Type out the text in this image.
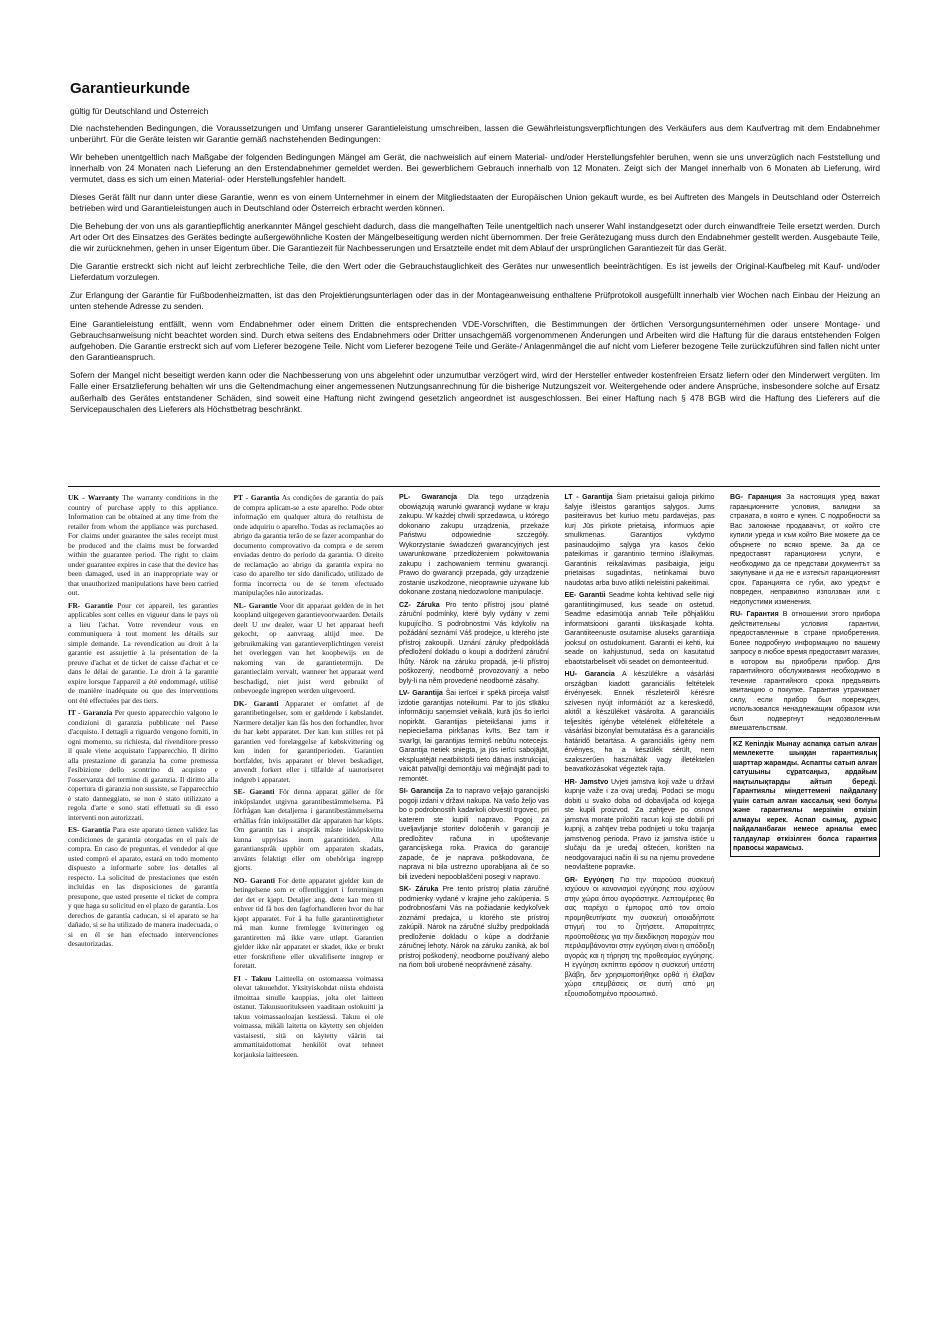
Garantieurkunde
gültig für Deutschland und Österreich

Die nachstehenden Bedingungen, die Voraussetzungen und Umfang unserer Garantieleistung umschreiben, lassen die Gewährleistungsverpflichtungen des Verkäufers aus dem Kaufvertrag mit dem Endabnehmer unberührt. Für die Geräte leisten wir Garantie gemäß nachstehenden Bedingungen:

Wir beheben unentgeltlich nach Maßgabe der folgenden Bedingungen Mängel am Gerät, die nachweislich auf einem Material- und/oder Herstellungsfehler beruhen, wenn sie uns unverzüglich nach Feststellung und innerhalb von 24 Monaten nach Lieferung an den Erstendabnehmer gemeldet werden. Bei gewerblichem Gebrauch innerhalb von 12 Monaten. Zeigt sich der Mangel innerhalb von 6 Monaten ab Lieferung, wird vermutet, dass es sich um einen Material- oder Herstellungsfehler handelt.

Dieses Gerät fällt nur dann unter diese Garantie, wenn es von einem Unternehmer in einem der Mitgliedstaaten der Europäischen Union gekauft wurde, es bei Auftreten des Mangels in Deutschland oder Österreich betrieben wird und Garantieleistungen auch in Deutschland oder Österreich erbracht werden können.

Die Behebung der von uns als garantiepflichtig anerkannter Mängel geschieht dadurch, dass die mangelhaften Teile unentgeltlich nach unserer Wahl instandgesetzt oder durch einwandfreie Teile ersetzt werden. Durch Art oder Ort des Einsatzes des Gerätes bedingte außergewöhnliche Kosten der Mängelbeseitigung werden nicht übernommen. Der freie Gerätezugang muss durch den Endabnehmer gestellt werden. Ausgebaute Teile, die wir zurücknehmen, gehen in unser Eigentum über. Die Garantiezeit für Nachbesserungen und Ersatzteile endet mit dem Ablauf der ursprünglichen Garantiezeit für das Gerät.

Die Garantie erstreckt sich nicht auf leicht zerbrechliche Teile, die den Wert oder die Gebrauchstauglichkeit des Gerätes nur unwesentlich beeinträchtigen. Es ist jeweils der Original-Kaufbeleg mit Kauf- und/oder Lieferdatum vorzulegen.

Zur Erlangung der Garantie für Fußbodenheizmatten, ist das den Projektierungsunterlagen oder das in der Montageanweisung enthaltene Prüfprotokoll ausgefüllt innerhalb vier Wochen nach Einbau der Heizung an unten stehende Adresse zu senden.

Eine Garantieleistung entfällt, wenn vom Endabnehmer oder einem Dritten die entsprechenden VDE-Vorschriften, die Bestimmungen der örtlichen Versorgungsunternehmen oder unsere Montage- und Gebrauchsanweisung nicht beachtet worden sind. Durch etwa seitens des Endabnehmers oder Dritter unsachgemäß vorgenommenen Änderungen und Arbeiten wird die Haftung für die daraus entstehenden Folgen aufgehoben. Die Garantie erstreckt sich auf vom Lieferer bezogene Teile. Nicht vom Lieferer bezogene Teile und Geräte-/ Anlagenmängel die auf nicht vom Lieferer bezogene Teile zurückzuführen sind fallen nicht unter den Garantieanspruch.

Sofern der Mangel nicht beseitigt werden kann oder die Nachbesserung von uns abgelehnt oder unzumutbar verzögert wird, wird der Hersteller entweder kostenfreien Ersatz liefern oder den Minderwert vergüten. Im Falle einer Ersatzlieferung behalten wir uns die Geltendmachung einer angemessenen Nutzungsanrechnung für die bisherige Nutzungszeit vor. Weitergehende oder andere Ansprüche, insbesondere solche auf Ersatz außerhalb des Gerätes entstandener Schäden, sind soweit eine Haftung nicht zwingend gesetzlich angeordnet ist ausgeschlossen. Bei einer Haftung nach § 478 BGB wird die Haftung des Lieferers auf die Servicepauschalen des Lieferers als Höchstbetrag beschränkt.

UK - Warranty The warranty conditions in the country of purchase apply to this appliance. Information can be obtained at any time from the retailer from whom the appliance was purchased. For claims under guarantee the sales receipt must be produced and the claims must be forwarded within the guarantee period. The right to claim under guarantee expires in case that the device has been damaged, used in an inappropriate way or that unauthorized manipulations have been carried out.

FR- Garantie Pour cet appareil, les garanties applicables sont celles en vigueur dans le pays où a lieu l'achat. Votre revendeur vous en communiquera à tout moment les détails sur simple demande. La revendication au droit à la garantie est assujettie à la présentation de la preuve d'achat et de ticket de caisse d'achat et ce dans le délai de garantie. Le droit à la garantie expire lorsque l'appareil a été endommagé, utilisé de manière inadéquate ou que des interventions ont été effectuées par des tiers.

IT - Garanzia Per questo apparecchio valgono le condizioni di garanzia pubblicate nel Paese d'acquisto. I dettagli a riguardo vengono forniti, in ogni momento, su richiesta, dal rivenditore presso il quale viene acquistato l'apparecchio. Il diritto alla prestazione di garanzia ha come premessa l'esibizione dello scontrino di acquisto e l'osservanza del termine di garanzia. Il diritto alla copertura di garanzia non sussiste, se l'apparecchio è stato danneggiato, se non è stato utilizzato a regola d'arte e sono stati effettuati su di esso interventi non autorizzati.

ES- Garantía Para este aparato tienen validez las condiciones de garantía otorgadas en el país de compra. En caso de preguntas, el vendedor al que usted compró el aparato, estará en todo momento dispuesto a informarle sobre los detalles al respecto. La solicitud de prestaciones que estén incluidas en las disposiciones de garantía presupone, que usted presente el ticket de compra y que haga su solicitud en el plazo de garantía. Los derechos de garantía caducan, si el aparato se ha dañado, si se ha utilizado de manera inadecuada, o si en él se han efectuado intervenciones desautorizadas.

PT - Garantia As condições de garantia do país de compra aplicam-se a este aparelho. Pode obter informação em qualquer altura do retalhista de onde adquiriu o aparelho. Todas as reclamações ao abrigo da garantia terão de se fazer acompanhar do documento comprovativo da compra e de serem enviadas dentro do período da garantia. O direito de reclamação ao abrigo da garantia expira no caso do aparelho ter sido danificado, utilizado de forma incorrecta ou de se terem efectuado manipulações não autorizadas.

NL- Garantie Voor dit apparaat gelden de in het koopland uitgegeven garantievoorwaarden. Details deelt U uw dealer, waar U het apparaat heeft gekocht, op aanvraag altijd mee. De gebruikmaking van garantieverplichtingen vereist het overleggen van het koopbewijs en de nakoming van de garantietermijn. De garantieclaim vervalt, wanneer het apparaat werd beschadigd, niet juist werd gebruikt of onbevoegde ingrepen werden uitgevoerd.

DK- Garanti Apparatet er omfattet af de garantibetingelser, som er gældende i købslandet. Nærmere detaljer kan fås hos den forhandler, hvor du har købt apparatet. Der kan kun stilles ret på garantien ved forelæggelse af købskvittering og kun inden for garantiperioden. Garantien bortfalder, hvis apparatet er blevet beskadiget, anvendt forkert eller i tilfælde af uautoriseret indgreb i apparatet.

SE- Garanti För denna apparat gäller de för inköpslandet utgivna garantibestämmelserna. På förfrågan kan detaljerna i garantibestämmelserna erhållas från inköpsstället där apparaten har köpts. Om garantin tas i anspråk måste inköpskvitto kunna uppvisas inom garantitiden. Alla garantianspråk upphör om apparaten skadats, använts felaktigt eller om obehöriga ingrepp gjorts.

NO- Garanti For dette apparatet gjelder kun de betingelsene som er offentliggjort i forretningen der det er kjøpt. Detaljer ang. dette kan men til enhver tid få hos den fagforhandleren hvor du har kjøpt apparatet. For å ha fulle garantirettigheter må man kunne fremlegge kvitteringen og garantiretten må ikke være utløpt. Garantien gjelder ikke når apparatet er skadet, ikke er brukt etter forskriftene eller ukvalifiserte inngrep er foretatt.

FI - Takuu Laitteella on ostomaassa voimassa olevat takuuehdot. Yksityiskohdat niista ehdoista ilmoittaa sinulle kauppias, jolta olet laitteen ostanut. Takuusuoritukseen vaaditaan ostokuitti ja takuu voimassaoloajan kestäessä. Takuu ei ole voimassa, mikäli laitetta on käytetty sen ohjeiden vastaisesti, sitä on käytetty väärin tai ammattitaidottomat henkilöt ovat tehneet korjauksia laitteeseen.

PL- Gwarancja Dla tego urządzenia obowiązują warunki gwarancji wydane w kraju zakupu. W każdej chwili sprzedawca, u którego dokonano zakupu urządzenia, przekaże Państwu odpowiednie szczegóły. Wykorzystanie świadczeń gwarancyjnych jest uwarunkowane przedłożeniem pokwitowania zakupu i zachowaniem terminu gwarancji. Prawo do gwarancji przepada, gdy urządzenie zostanie uszkodzone, nieoprawnie używane lub dokonane zostaną niedozwolone manipulacje.

CZ- Záruka Pro tento přístroj jsou platné záruční podmínky, které byly vydány v zemi kupujícího. S podrobnostmi Vás kdykoliv na požádání seznámí Váš prodejce, u kterého jste přístroj zakoupili. Uznání záruky předpokládá předložení dokladu o koupi a dodržení záruční lhůty. Nárok na záruku propadá, je-li přístroj poškozený, neodborně provozovaný a nebo byly-li na něm provedené neodborné zásahy.

LV- Garantija Šai ierīcei ir spēkā pirceja valstī izdotie garantijas noteikumi. Par to jūs sīkāku informāciju saņemsiet veikalā, kurā jūs šo ierīci nopirkāt. Garantijas pieteikšanai jums ir nepieciešama pirkšanas kvīts. Bez tam ir svarīgi, lai garantijas termiņš nebūtu notecejis. Garantija netiek sniegta, ja jūs ierīci sabojājāt, ekspluatējāt neatbilstoši tieto dānas instrukcijai, vaicāt patvaļīgi demontāju vai mēģinājāt padi to remontēt.

SI- Garancija Za to napravo veljajo garancijski pogoji izdani v državi nakupa. Na vašo željo vas bo o podrobnostih kadarkoli obvestil trgovec, pri katerem ste kupili napravo. Pogoj za uveljavljanje storitev določenih v garanciji je predložitev računa in upoštevanje garancijskega roka. Pravica do garancije zapade, če je naprava poškodovana, če naprava ni bila ustrezno uporabljana ali če so bili izvedeni nepooblaščeni posegi v napravo.

SK- Záruka Pre tento prístroj platia záručné podmienky vydané v krajine jeho zakúpenia. S podrobnosťami Vás na požiadanie kedykoľvek zoznámi predajca, u ktorého ste prístroj zakúpili. Nárok na záručné služby predpokladá predloženie dokladu o kúpe a dodržanie záručnej lehoty. Nárok na záruku zaniká, ak bol prístroj poškodený, neodborne používaný alebo na ňom boli urobené neoprávnené zásahy.

LT - Garantija Šiam prietaisui galioja pirkimo šalyje išleistos garantijos sąlygos. Jums pasiteiravus bet kuriuo metu pardavėjas, pas kurį Jūs pirkote prietaisą, informuos apie smulkmenas. Garantijos vykdymo pasinaudojimo sąlyga yra kasos čekio pateikimas ir garantinio termino išlaikymas. Garantinis reikalavimas pasibaigia, jeigu prietaisas sugadintas, netinkamai buvo naudotas arba buvo atlikti neleistini pakeitimai.

EE- Garantii Seadme kohta kehtivad selle riigi garantiitingimused, kus seade on ostetud. Seadme edasimüüja annab Teile põhjalikku informatsiooni garantii üksikasjade kohta. Garantiiteenuste osutamise aluseks garantiiaja jooksul on ostudokument. Garantii ei kehti, kui seade on kahjustunud, seda on kasutatud ebaotstarbeliselt või seadet on demonteeritud.

HU- Garancia A készülékre a vásárlási országban kiadott garanciális feltételek érvényesek. Ennek részleteiről kérésre szívesen nyújt információt az a kereskedő, akitől a készüléket vásárolta. A garanciális teljesítés igénybe vételének előfeltétele a vásárlási bizonylat bemutatása és a garanciális határidő betartása. A garanciális igény nem érvényes, ha a készülék sérült, nem szakszerűen használták vagy illetéktelen beavatkozásokat végeztek rajta.

HR- Jamstvo Uvjeti jamstva koji važe u državi kupnje važe i za ovaj uređaj. Podaci se mogu dobiti u svako doba od dobavljača od kojega ste kupili proizvod. Za zahtjeve po osnovi jamstva morate priložiti racun koji ste dobili pri kupnji, a zahtjev treba podnijeti u toku trajanja jamstvenog perioda. Pravo iz jamstva istiće u slučaju da je uređaj oštećen, korišten na neodgovarajuci način ili su na njemu provedene neovlaštene popravke.

GR- Εγγύηση Για την παρούσα συσκευή ισχύουν οι κανονισμοί εγγύησης που ισχύουν στην χώρα όπου αγοράστηκε. Λεπτομέρειες θα σας παρέχει ο έμπορος από τον οποίο προμηθευτήκατε την συσκευή οποιαδήποτε στιγμή του το ζητήσετε. Απαραίτητες προϋποθέσεις για την διεκδίκηση παροχών που περιλαμβάνονται στην εγγύηση είναι η απόδειξη αγοράς και η τήρηση της προθεσμίας εγγύησης. Η εγγύηση εκπίπτει εφόσον η συσκευή υπέστη βλάβη, δεν χρησιμοποιήθηκε ορθά ή έλαβαν χώρα επεμβάσεις σε αυτή από μη εξουσιοδοτημένο προσωπικό.

BG- Гаранция За настоящия уред важат гаранционните условия, валидни за страната, в която е купен. С подробности за Вас заложнае продавачът, от който сте купили уреда и към който Вие можете да се обърнете по всяко време. За да се предоставят гаранционни услуги, е необходимо да се представи документът за закупуване и да не е изтекъл гаранционният срок. Гаранцията се губи, ако уредът е повреден, неправилно използван или с недопустими изменения.

RU- Гарантия В отношении этого прибора действительны условия гарантии, предоставленные в стране приобретения. Более подробную информацию по вашему запросу в любое время предоставит магазин, в котором вы приобрели прибор. Для гарантийного обслуживания необходимо в течение гарантийного срока предъявить квитанцию о покупке. Гарантия утрачивает силу, если прибор был поврежден, использовался ненадлежащим образом или был подвергнут недозволенным вмешательствам.

KZ Кепілдік Мынау аспапқа сатып алған мемлекетте шыққан гарантиялық шарттар жарамды. Аспапты сатып алған сатушыны сұратсаңыз, ардайым нақтылықтарды айтып береді. Гарантиялы міндеттемені пайдалану үшін сатып алған кассалық чекі болуы және гарантиялы мерзімін өткізіп алмауы керек. Аспап сынық, дұрыс пайдаланбаған немесе арналы емес талдаулар өткізілген болса гарантия правосы жарамсыз.
